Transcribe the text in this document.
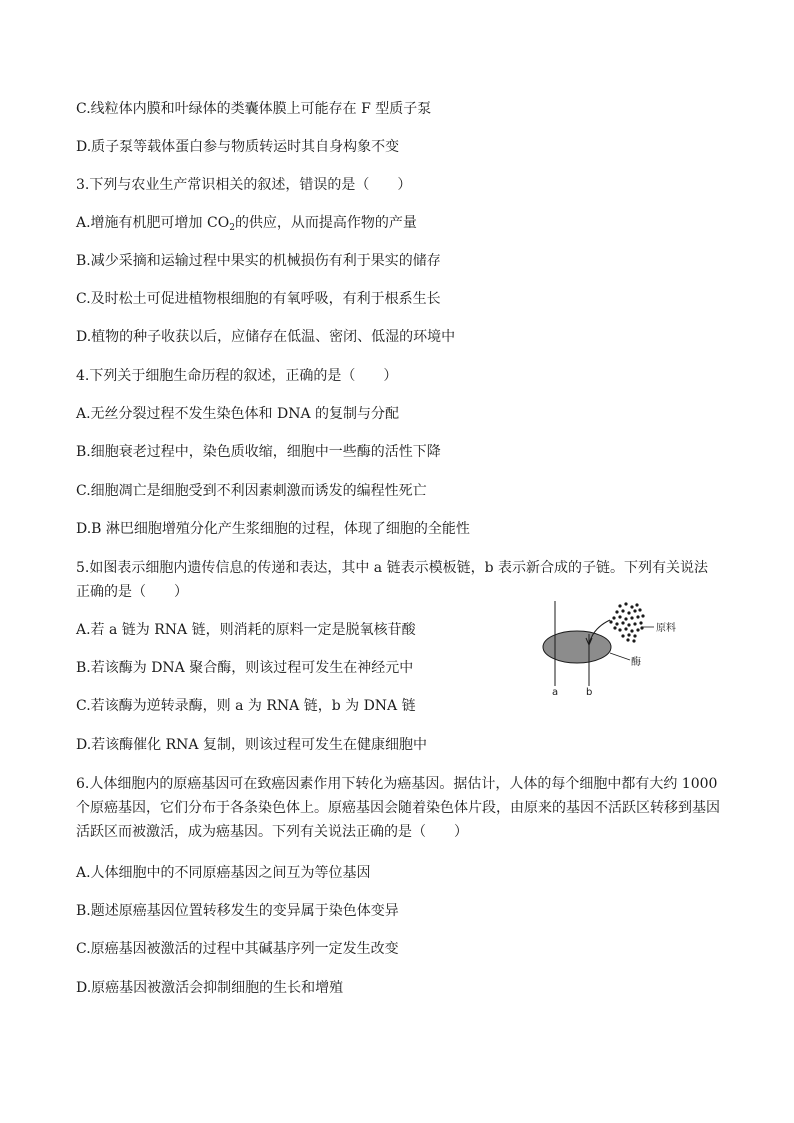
C.线粒体内膜和叶绿体的类囊体膜上可能存在 F 型质子泵
D.质子泵等载体蛋白参与物质转运时其自身构象不变
3.下列与农业生产常识相关的叙述，错误的是（　　）
A.增施有机肥可增加 $CO_2$的供应，从而提高作物的产量
B.减少采摘和运输过程中果实的机械损伤有利于果实的储存
C.及时松土可促进植物根细胞的有氧呼吸，有利于根系生长
D.植物的种子收获以后，应储存在低温、密闭、低湿的环境中
4.下列关于细胞生命历程的叙述，正确的是（　　）
A.无丝分裂过程不发生染色体和 DNA 的复制与分配
B.细胞衰老过程中，染色质收缩，细胞中一些酶的活性下降
C.细胞凋亡是细胞受到不利因素刺激而诱发的编程性死亡
D.B 淋巴细胞增殖分化产生浆细胞的过程，体现了细胞的全能性
5.如图表示细胞内遗传信息的传递和表达，其中 a 链表示模板链，b 表示新合成的子链。下列有关说法正确的是（　　）
A.若 a 链为 RNA 链，则消耗的原料一定是脱氧核苷酸
B.若该酶为 DNA 聚合酶，则该过程可发生在神经元中
C.若该酶为逆转录酶，则 a 为 RNA 链，b 为 DNA 链
D.若该酶催化 RNA 复制，则该过程可发生在健康细胞中
原料
酶
a	b
6.人体细胞内的原癌基因可在致癌因素作用下转化为癌基因。据估计，人体的每个细胞中都有大约 1000 个原癌基因，它们分布于各条染色体上。原癌基因会随着染色体片段，由原来的基因不活跃区转移到基因活跃区而被激活，成为癌基因。下列有关说法正确的是（　　）
A.人体细胞中的不同原癌基因之间互为等位基因
B.题述原癌基因位置转移发生的变异属于染色体变异
C.原癌基因被激活的过程中其碱基序列一定发生改变
D.原癌基因被激活会抑制细胞的生长和增殖
